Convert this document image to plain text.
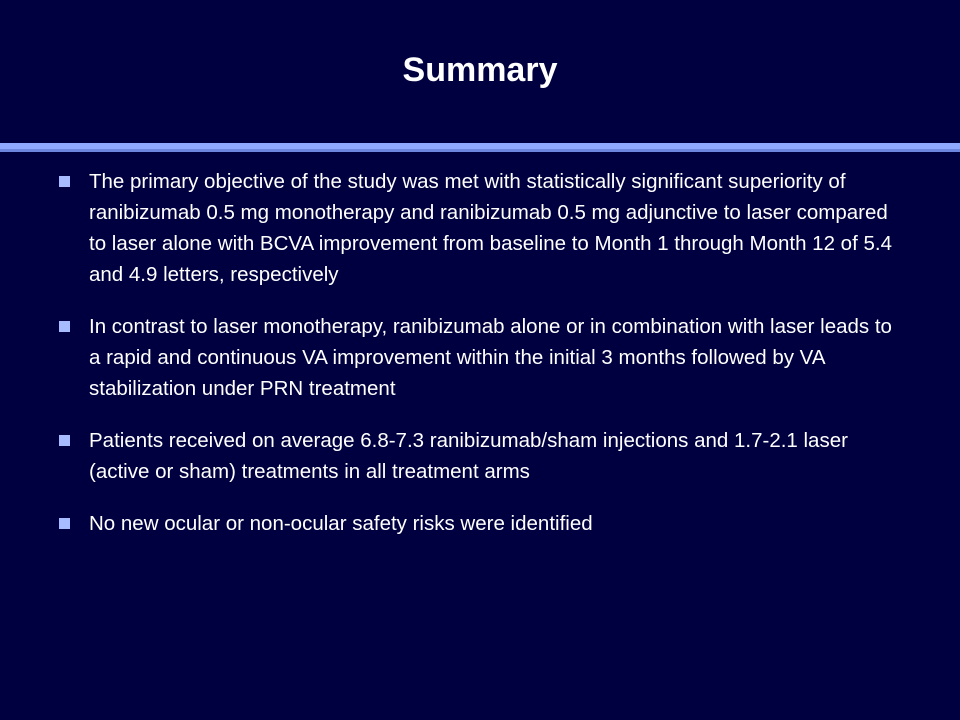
Summary
The primary objective of the study was met with statistically significant superiority of ranibizumab 0.5 mg monotherapy and ranibizumab 0.5 mg adjunctive to laser compared to laser alone with BCVA improvement from baseline to Month 1 through Month 12 of 5.4 and 4.9 letters, respectively
In contrast to laser monotherapy, ranibizumab alone or in combination with laser leads to a rapid and continuous VA improvement within the initial 3 months followed by VA stabilization under PRN treatment
Patients received on average 6.8-7.3 ranibizumab/sham injections and 1.7-2.1 laser (active or sham) treatments in all treatment arms
No new ocular or non-ocular safety risks were identified
